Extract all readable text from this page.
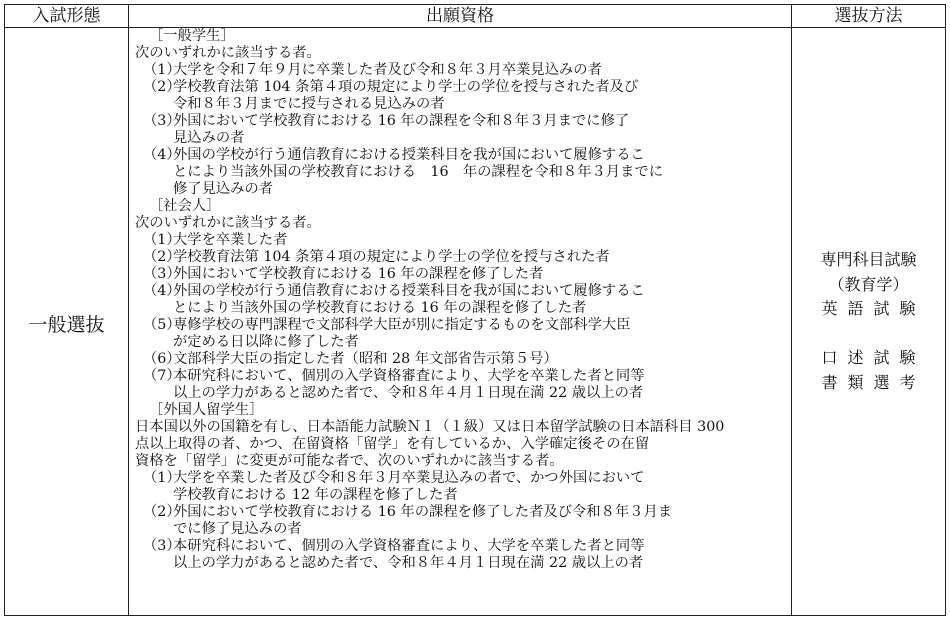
入試形態	出願資格	選抜方法
一般選抜
［一般学生］
次のいずれかに該当する者。
（1）大学を令和７年９月に卒業した者及び令和８年３月卒業見込みの者
（2）学校教育法第 104 条第４項の規定により学士の学位を授与された者及び
令和８年３月までに授与される見込みの者
（3）外国において学校教育における 16 年の課程を令和８年３月までに修了
見込みの者
（4）外国の学校が行う通信教育における授業科目を我が国において履修するこ
とにより当該外国の学校教育における　16　年の課程を令和８年３月までに
修了見込みの者
［社会人］
次のいずれかに該当する者。
（1）大学を卒業した者
（2）学校教育法第 104 条第４項の規定により学士の学位を授与された者
（3）外国において学校教育における 16 年の課程を修了した者
（4）外国の学校が行う通信教育における授業科目を我が国において履修するこ
とにより当該外国の学校教育における 16 年の課程を修了した者
（5）専修学校の専門課程で文部科学大臣が別に指定するものを文部科学大臣
が定める日以降に修了した者
（6）文部科学大臣の指定した者（昭和 28 年文部省告示第５号）
（7）本研究科において、個別の入学資格審査により、大学を卒業した者と同等
以上の学力があると認めた者で、令和８年４月１日現在満 22 歳以上の者
［外国人留学生］
日本国以外の国籍を有し、日本語能力試験Ｎ１（１級）又は日本留学試験の日本語科目 300
点以上取得の者、かつ、在留資格「留学」を有しているか、入学確定後その在留
資格を「留学」に変更が可能な者で、次のいずれかに該当する者。
（1）大学を卒業した者及び令和８年３月卒業見込みの者で、かつ外国において
学校教育における 12 年の課程を修了した者
（2）外国において学校教育における 16 年の課程を修了した者及び令和８年３月ま
でに修了見込みの者
（3）本研究科において、個別の入学資格審査により、大学を卒業した者と同等
以上の学力があると認めた者で、令和８年４月１日現在満 22 歳以上の者
専門科目試験
（教育学）
英語試験
口述試験
書類選考
